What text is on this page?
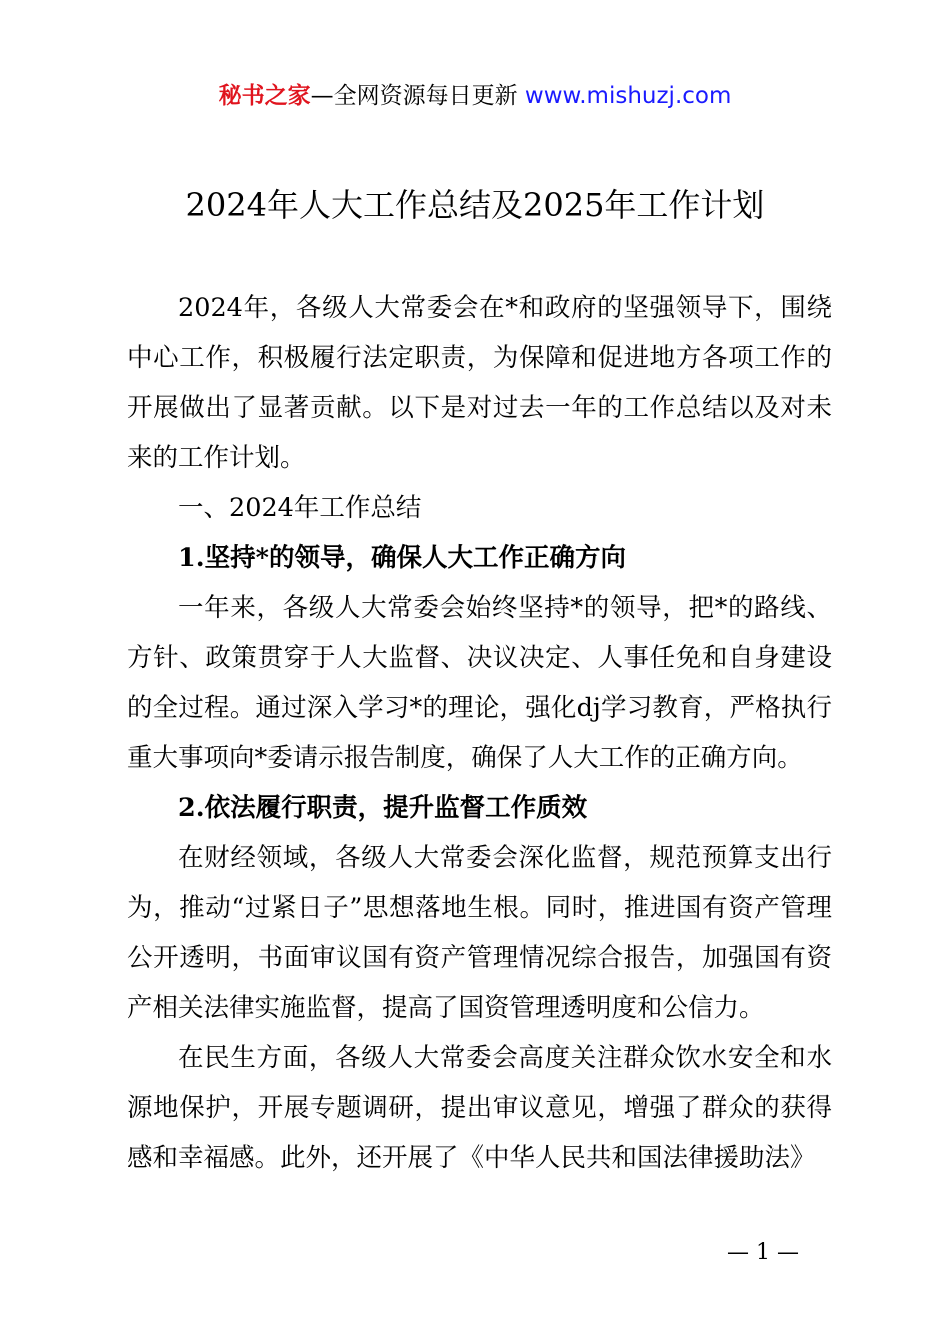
秘书之家—全网资源每日更新 www.mishuzj.com
2024年人大工作总结及2025年工作计划

2024年，各级人大常委会在*和政府的坚强领导下，围绕中心工作，积极履行法定职责，为保障和促进地方各项工作的开展做出了显著贡献。以下是对过去一年的工作总结以及对未来的工作计划。

一、2024年工作总结

1.坚持*的领导，确保人大工作正确方向

一年来，各级人大常委会始终坚持*的领导，把*的路线、方针、政策贯穿于人大监督、决议决定、人事任免和自身建设的全过程。通过深入学习*的理论，强化dj学习教育，严格执行重大事项向*委请示报告制度，确保了人大工作的正确方向。

2.依法履行职责，提升监督工作质效

在财经领域，各级人大常委会深化监督，规范预算支出行为，推动“过紧日子”思想落地生根。同时，推进国有资产管理公开透明，书面审议国有资产管理情况综合报告，加强国有资产相关法律实施监督，提高了国资管理透明度和公信力。

在民生方面，各级人大常委会高度关注群众饮水安全和水源地保护，开展专题调研，提出审议意见，增强了群众的获得感和幸福感。此外，还开展了《中华人民共和国法律援助法》

— 1 —
